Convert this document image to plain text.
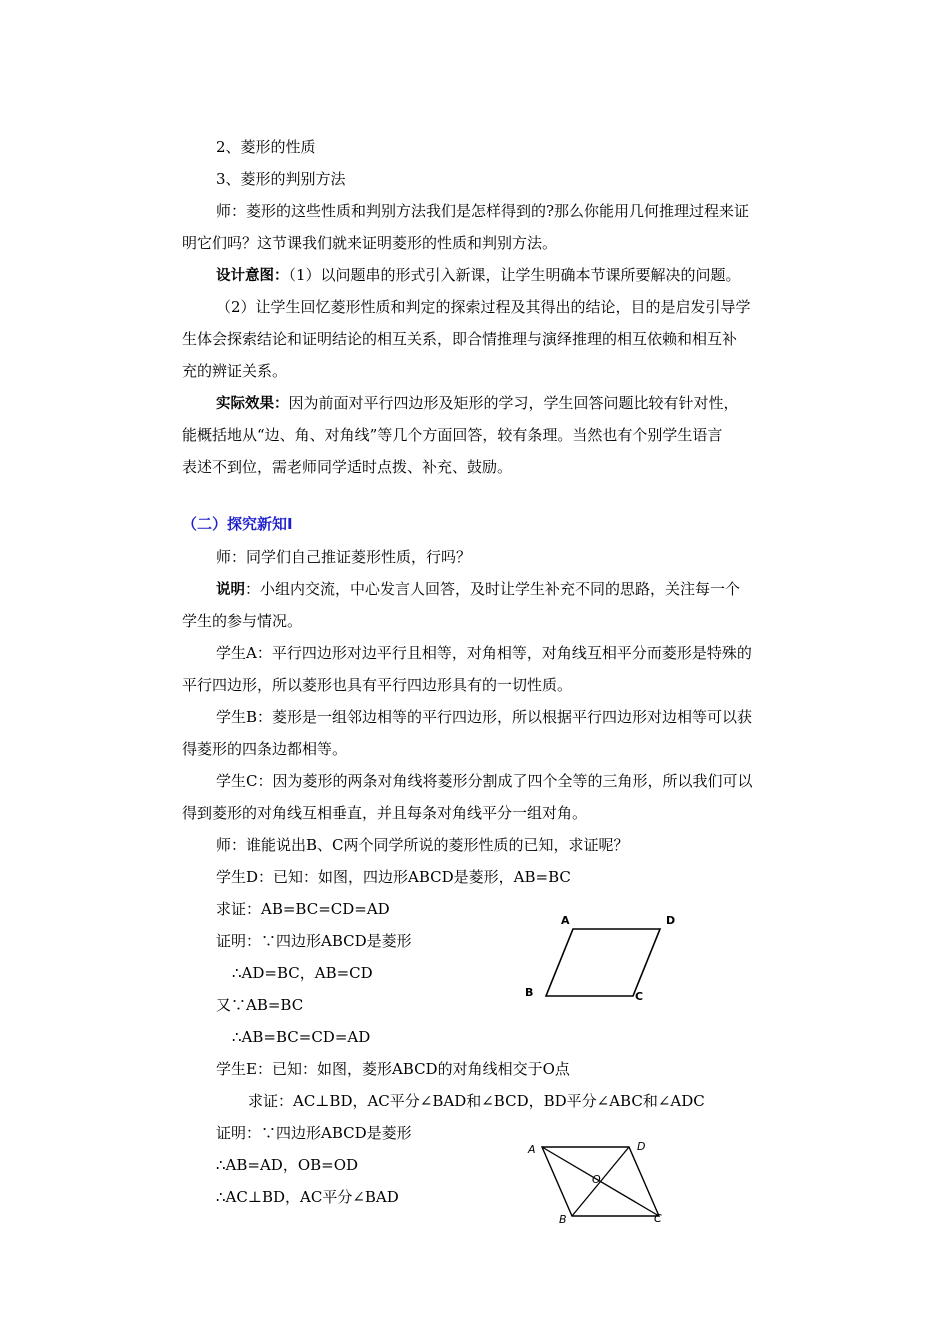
2、菱形的性质
3、菱形的判别方法
师：菱形的这些性质和判别方法我们是怎样得到的?那么你能用几何推理过程来证
明它们吗？这节课我们就来证明菱形的性质和判别方法。
设计意图：（1）以问题串的形式引入新课，让学生明确本节课所要解决的问题。
（2）让学生回忆菱形性质和判定的探索过程及其得出的结论，目的是启发引导学
生体会探索结论和证明结论的相互关系，即合情推理与演绎推理的相互依赖和相互补
充的辨证关系。
实际效果：因为前面对平行四边形及矩形的学习，学生回答问题比较有针对性，
能概括地从“边、角、对角线”等几个方面回答，较有条理。当然也有个别学生语言
表述不到位，需老师同学适时点拨、补充、鼓励。
（二）探究新知Ⅰ
师：同学们自己推证菱形性质，行吗？
说明：小组内交流，中心发言人回答，及时让学生补充不同的思路，关注每一个
学生的参与情况。
学生A：平行四边形对边平行且相等，对角相等，对角线互相平分而菱形是特殊的
平行四边形，所以菱形也具有平行四边形具有的一切性质。
学生B：菱形是一组邻边相等的平行四边形，所以根据平行四边形对边相等可以获
得菱形的四条边都相等。
学生C：因为菱形的两条对角线将菱形分割成了四个全等的三角形，所以我们可以
得到菱形的对角线互相垂直，并且每条对角线平分一组对角。
师：谁能说出B、C两个同学所说的菱形性质的已知，求证呢？
学生D：已知：如图，四边形ABCD是菱形，AB=BC
求证：AB=BC=CD=AD
证明：∵四边形ABCD是菱形
∴AD=BC，AB=CD
又∵AB=BC
∴AB=BC=CD=AD
学生E：已知：如图，菱形ABCD的对角线相交于O点
求证：AC⊥BD，AC平分∠BAD和∠BCD，BD平分∠ABC和∠ADC
证明：∵四边形ABCD是菱形
∴AB=AD，OB=OD
∴AC⊥BD，AC平分∠BAD
A	D
B	C
A	D
B	C
O
